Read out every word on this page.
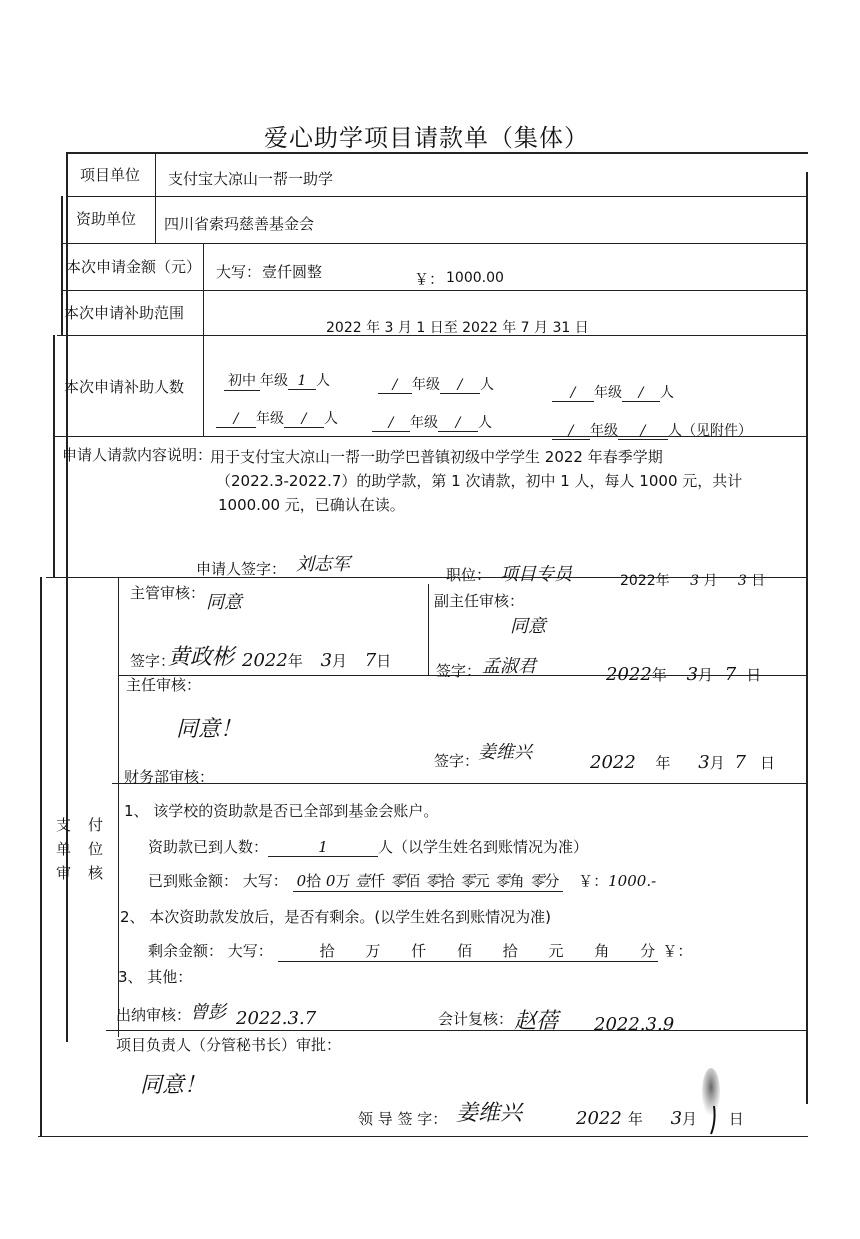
爱心助学项目请款单（集体）
项目单位 支付宝大凉山一帮一助学
资助单位 四川省索玛慈善基金会
本次申请金额（元） 大写： 壹仟圆整	￥： 1000.00
本次申请补助范围
2022 年 3 月 1 日至 2022 年 7 月 31 日
本次申请补助人数	初中 年级 1 人	/ 年级 / 人	/ 年级 / 人
/ 年级 / 人	/ 年级 / 人	/ 年级 / 人（见附件）
申请人请款内容说明：
用于支付宝大凉山一帮一助学巴普镇初级中学学生 2022 年春季学期
（2022.3-2022.7）的助学款，第 1 次请款，初中 1 人，每人 1000 元，共计
1000.00 元，已确认在读。
申请人签字： 刘志军	职位： 项目专员	2022年 3 月 3 日
支 付
单 位
审 核
主管审核： 同意
签字：
黄政彬 2022年 3月 7日
副主任审核：
同意
签字： 孟淑君	2022年 3月 7 日
主任审核：
同意！
签字：
姜维兴	2022 年 3月 7 日
财务部审核：
1、 该学校的资助款是否已全部到基金会账户。
资助款已到人数：	1	人（以学生姓名到账情况为准）
已到账金额： 大写： 0拾 0万 壹仟 零佰 零拾 零元 零角 零分 ￥：1000.-
2、 本次资助款发放后，是否有剩余。(以学生姓名到账情况为准)
剩余金额： 大写：	拾 万 仟 佰 拾 元 角 分 ￥：
3、 其他：
出纳审核：
曾彭 2022.3.7	会计复核： 赵蓓 2022.3.9
项目负责人（分管秘书长）审批：
同意！
领 导 签 字： 姜维兴	2022 年 3月 日
